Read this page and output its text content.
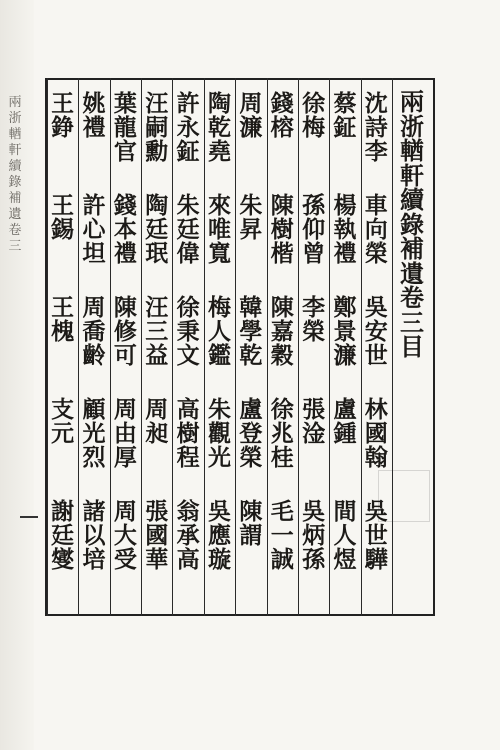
兩
浙
輶
軒
續
錄
補
遺
卷
三
兩
浙
輶
軒
續
錄
補
遺
卷
三
目
沈
詩
李
車
向
榮
吳
安
世
林
國
翰
吳
世
驊
蔡
鉦
楊
執
禮
鄭
景
濂
盧
鍾
間
人
煜
徐
梅
孫
仰
曾
李
榮
張
淦
吳
炳
孫
錢
榕
陳
樹
楷
陳
嘉
穀
徐
兆
桂
毛
一
誠
周
濂
朱
昇
韓
學
乾
盧
登
榮
陳
謂
陶
乾
堯
來
唯
寬
梅
人
鑑
朱
觀
光
吳
應
璇
許
永
鉦
朱
廷
偉
徐
秉
文
高
樹
程
翁
承
高
汪
嗣
勳
陶
廷
珉
汪
三
益
周
昶
張
國
華
葉
龍
官
錢
本
禮
陳
修
可
周
由
厚
周
大
受
姚
禮
許
心
坦
周
喬
齡
顧
光
烈
諸
以
培
王
錚
王
錫
王
槐
支
元
謝
廷
燮
